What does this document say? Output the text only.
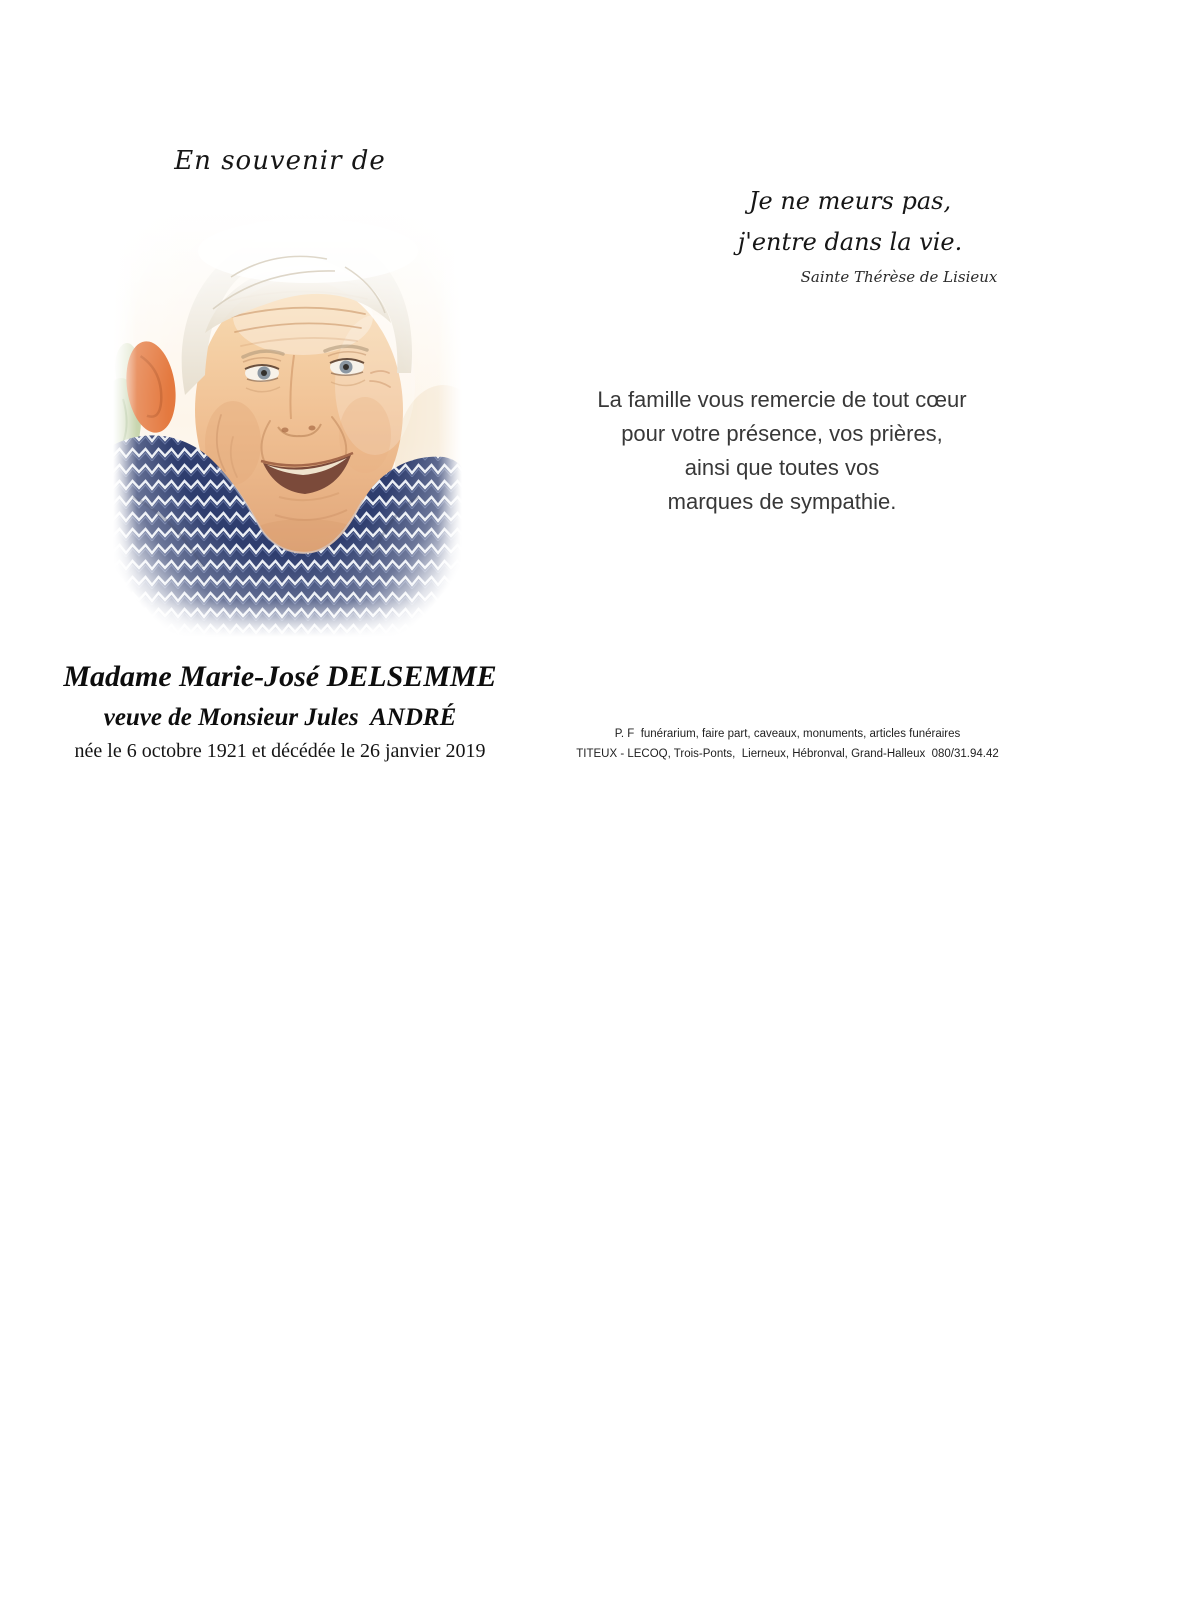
En souvenir de
Je ne meurs pas,
j'entre dans la vie.
Sainte Thérèse de Lisieux
La famille vous remercie de tout cœur
pour votre présence, vos prières,
ainsi que toutes vos
marques de sympathie.
Madame Marie-José DELSEMME
veuve de Monsieur Jules  ANDRÉ
née le 6 octobre 1921 et décédée le 26 janvier 2019
P. F  funérarium, faire part, caveaux, monuments, articles funéraires
TITEUX - LECOQ, Trois-Ponts,  Lierneux, Hébronval, Grand-Halleux  080/31.94.42
